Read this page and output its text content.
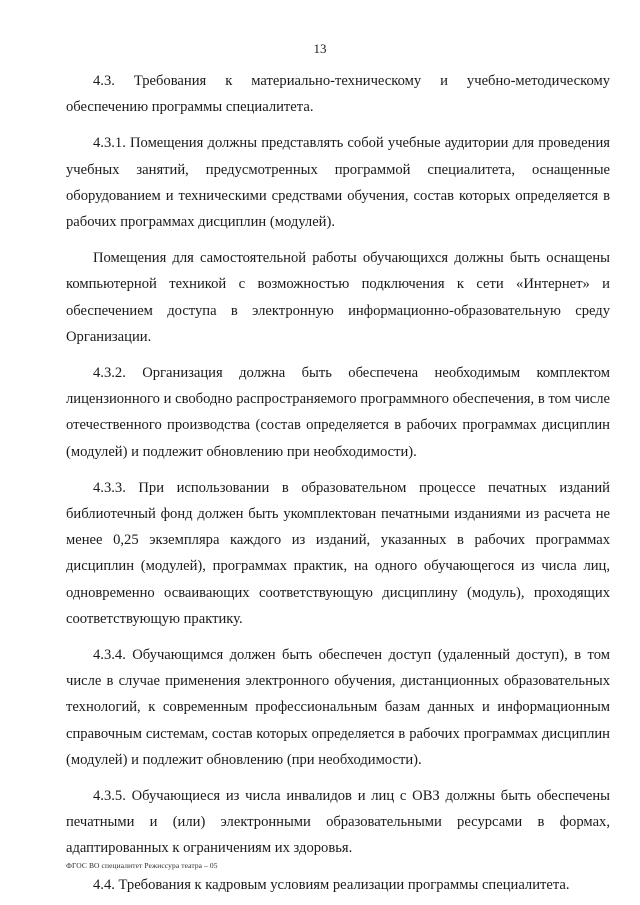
13

4.3. Требования к материально-техническому и учебно-методическому обеспечению программы специалитета.

4.3.1. Помещения должны представлять собой учебные аудитории для проведения учебных занятий, предусмотренных программой специалитета, оснащенные оборудованием и техническими средствами обучения, состав которых определяется в рабочих программах дисциплин (модулей).

Помещения для самостоятельной работы обучающихся должны быть оснащены компьютерной техникой с возможностью подключения к сети «Интернет» и обеспечением доступа в электронную информационно-образовательную среду Организации.

4.3.2. Организация должна быть обеспечена необходимым комплектом лицензионного и свободно распространяемого программного обеспечения, в том числе отечественного производства (состав определяется в рабочих программах дисциплин (модулей) и подлежит обновлению при необходимости).

4.3.3. При использовании в образовательном процессе печатных изданий библиотечный фонд должен быть укомплектован печатными изданиями из расчета не менее 0,25 экземпляра каждого из изданий, указанных в рабочих программах дисциплин (модулей), программах практик, на одного обучающегося из числа лиц, одновременно осваивающих соответствующую дисциплину (модуль), проходящих соответствующую практику.

4.3.4. Обучающимся должен быть обеспечен доступ (удаленный доступ), в том числе в случае применения электронного обучения, дистанционных образовательных технологий, к современным профессиональным базам данных и информационным справочным системам, состав которых определяется в рабочих программах дисциплин (модулей) и подлежит обновлению (при необходимости).

4.3.5. Обучающиеся из числа инвалидов и лиц с ОВЗ должны быть обеспечены печатными и (или) электронными образовательными ресурсами в формах, адаптированных к ограничениям их здоровья.

4.4. Требования к кадровым условиям реализации программы специалитета.

ФГОС ВО специалитет Режиссура театра – 05
